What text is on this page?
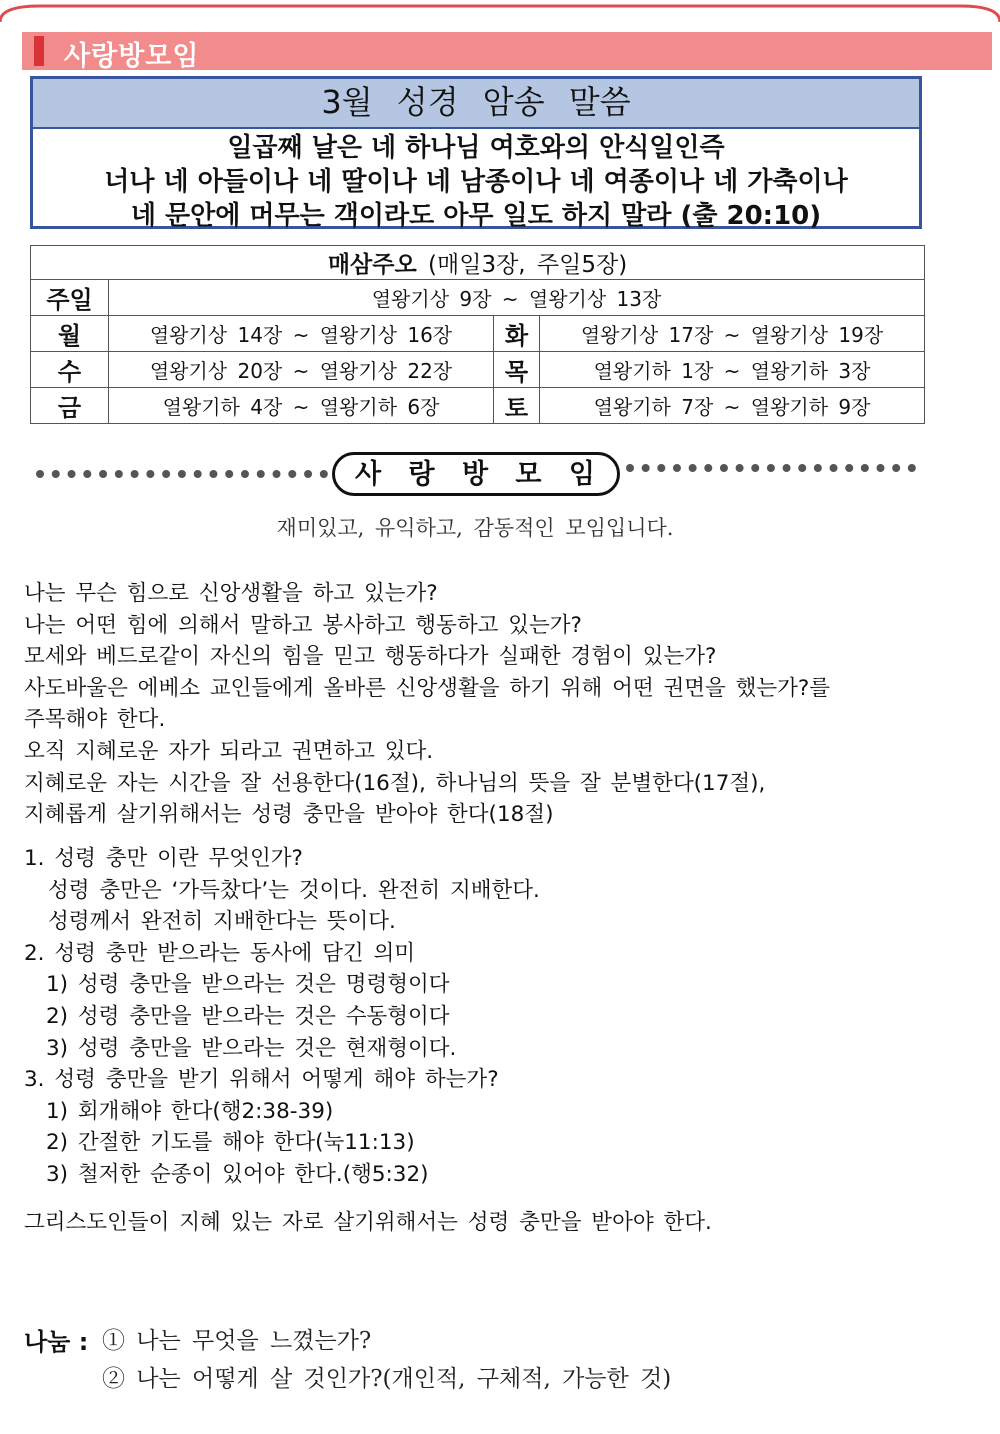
사랑방모임
3월 성경 암송 말씀
일곱째 날은 네 하나님 여호와의 안식일인즉
너나 네 아들이나 네 딸이나 네 남종이나 네 여종이나 네 가축이나
네 문안에 머무는 객이라도 아무 일도 하지 말라 (출 20:10)
매삼주오 (매일3장, 주일5장)			
주일	열왕기상 9장 ~ 열왕기상 13장		
월	열왕기상 14장 ~ 열왕기상 16장	화	열왕기상 17장 ~ 열왕기상 19장
수	열왕기상 20장 ~ 열왕기상 22장	목	열왕기하 1장 ~ 열왕기하 3장
금	열왕기하 4장 ~ 열왕기하 6장	토	열왕기하 7장 ~ 열왕기하 9장
사 랑 방 모 임
재미있고, 유익하고, 감동적인 모임입니다.

나는 무슨 힘으로 신앙생활을 하고 있는가?

나는 어떤 힘에 의해서 말하고 봉사하고 행동하고 있는가?

모세와 베드로같이 자신의 힘을 믿고 행동하다가 실패한 경험이 있는가?

사도바울은 에베소 교인들에게 올바른 신앙생활을 하기 위해 어떤 권면을 했는가?를

주목해야 한다.

오직 지혜로운 자가 되라고 권면하고 있다.

지혜로운 자는 시간을 잘 선용한다(16절), 하나님의 뜻을 잘 분별한다(17절),

지혜롭게 살기위해서는 성령 충만을 받아야 한다(18절)

1. 성령 충만 이란 무엇인가?

성령 충만은 ‘가득찼다’는 것이다. 완전히 지배한다.

성령께서 완전히 지배한다는 뜻이다.

2. 성령 충만 받으라는 동사에 담긴 의미

1) 성령 충만을 받으라는 것은 명령형이다

2) 성령 충만을 받으라는 것은 수동형이다

3) 성령 충만을 받으라는 것은 현재형이다.

3. 성령 충만을 받기 위해서 어떻게 해야 하는가?

1) 회개해야 한다(행2:38-39)

2) 간절한 기도를 해야 한다(눅11:13)

3) 철저한 순종이 있어야 한다.(행5:32)

그리스도인들이 지혜 있는 자로 살기위해서는 성령 충만을 받아야 한다.
나눔 : ① 나는 무엇을 느꼈는가?
② 나는 어떻게 살 것인가?(개인적, 구체적, 가능한 것)
